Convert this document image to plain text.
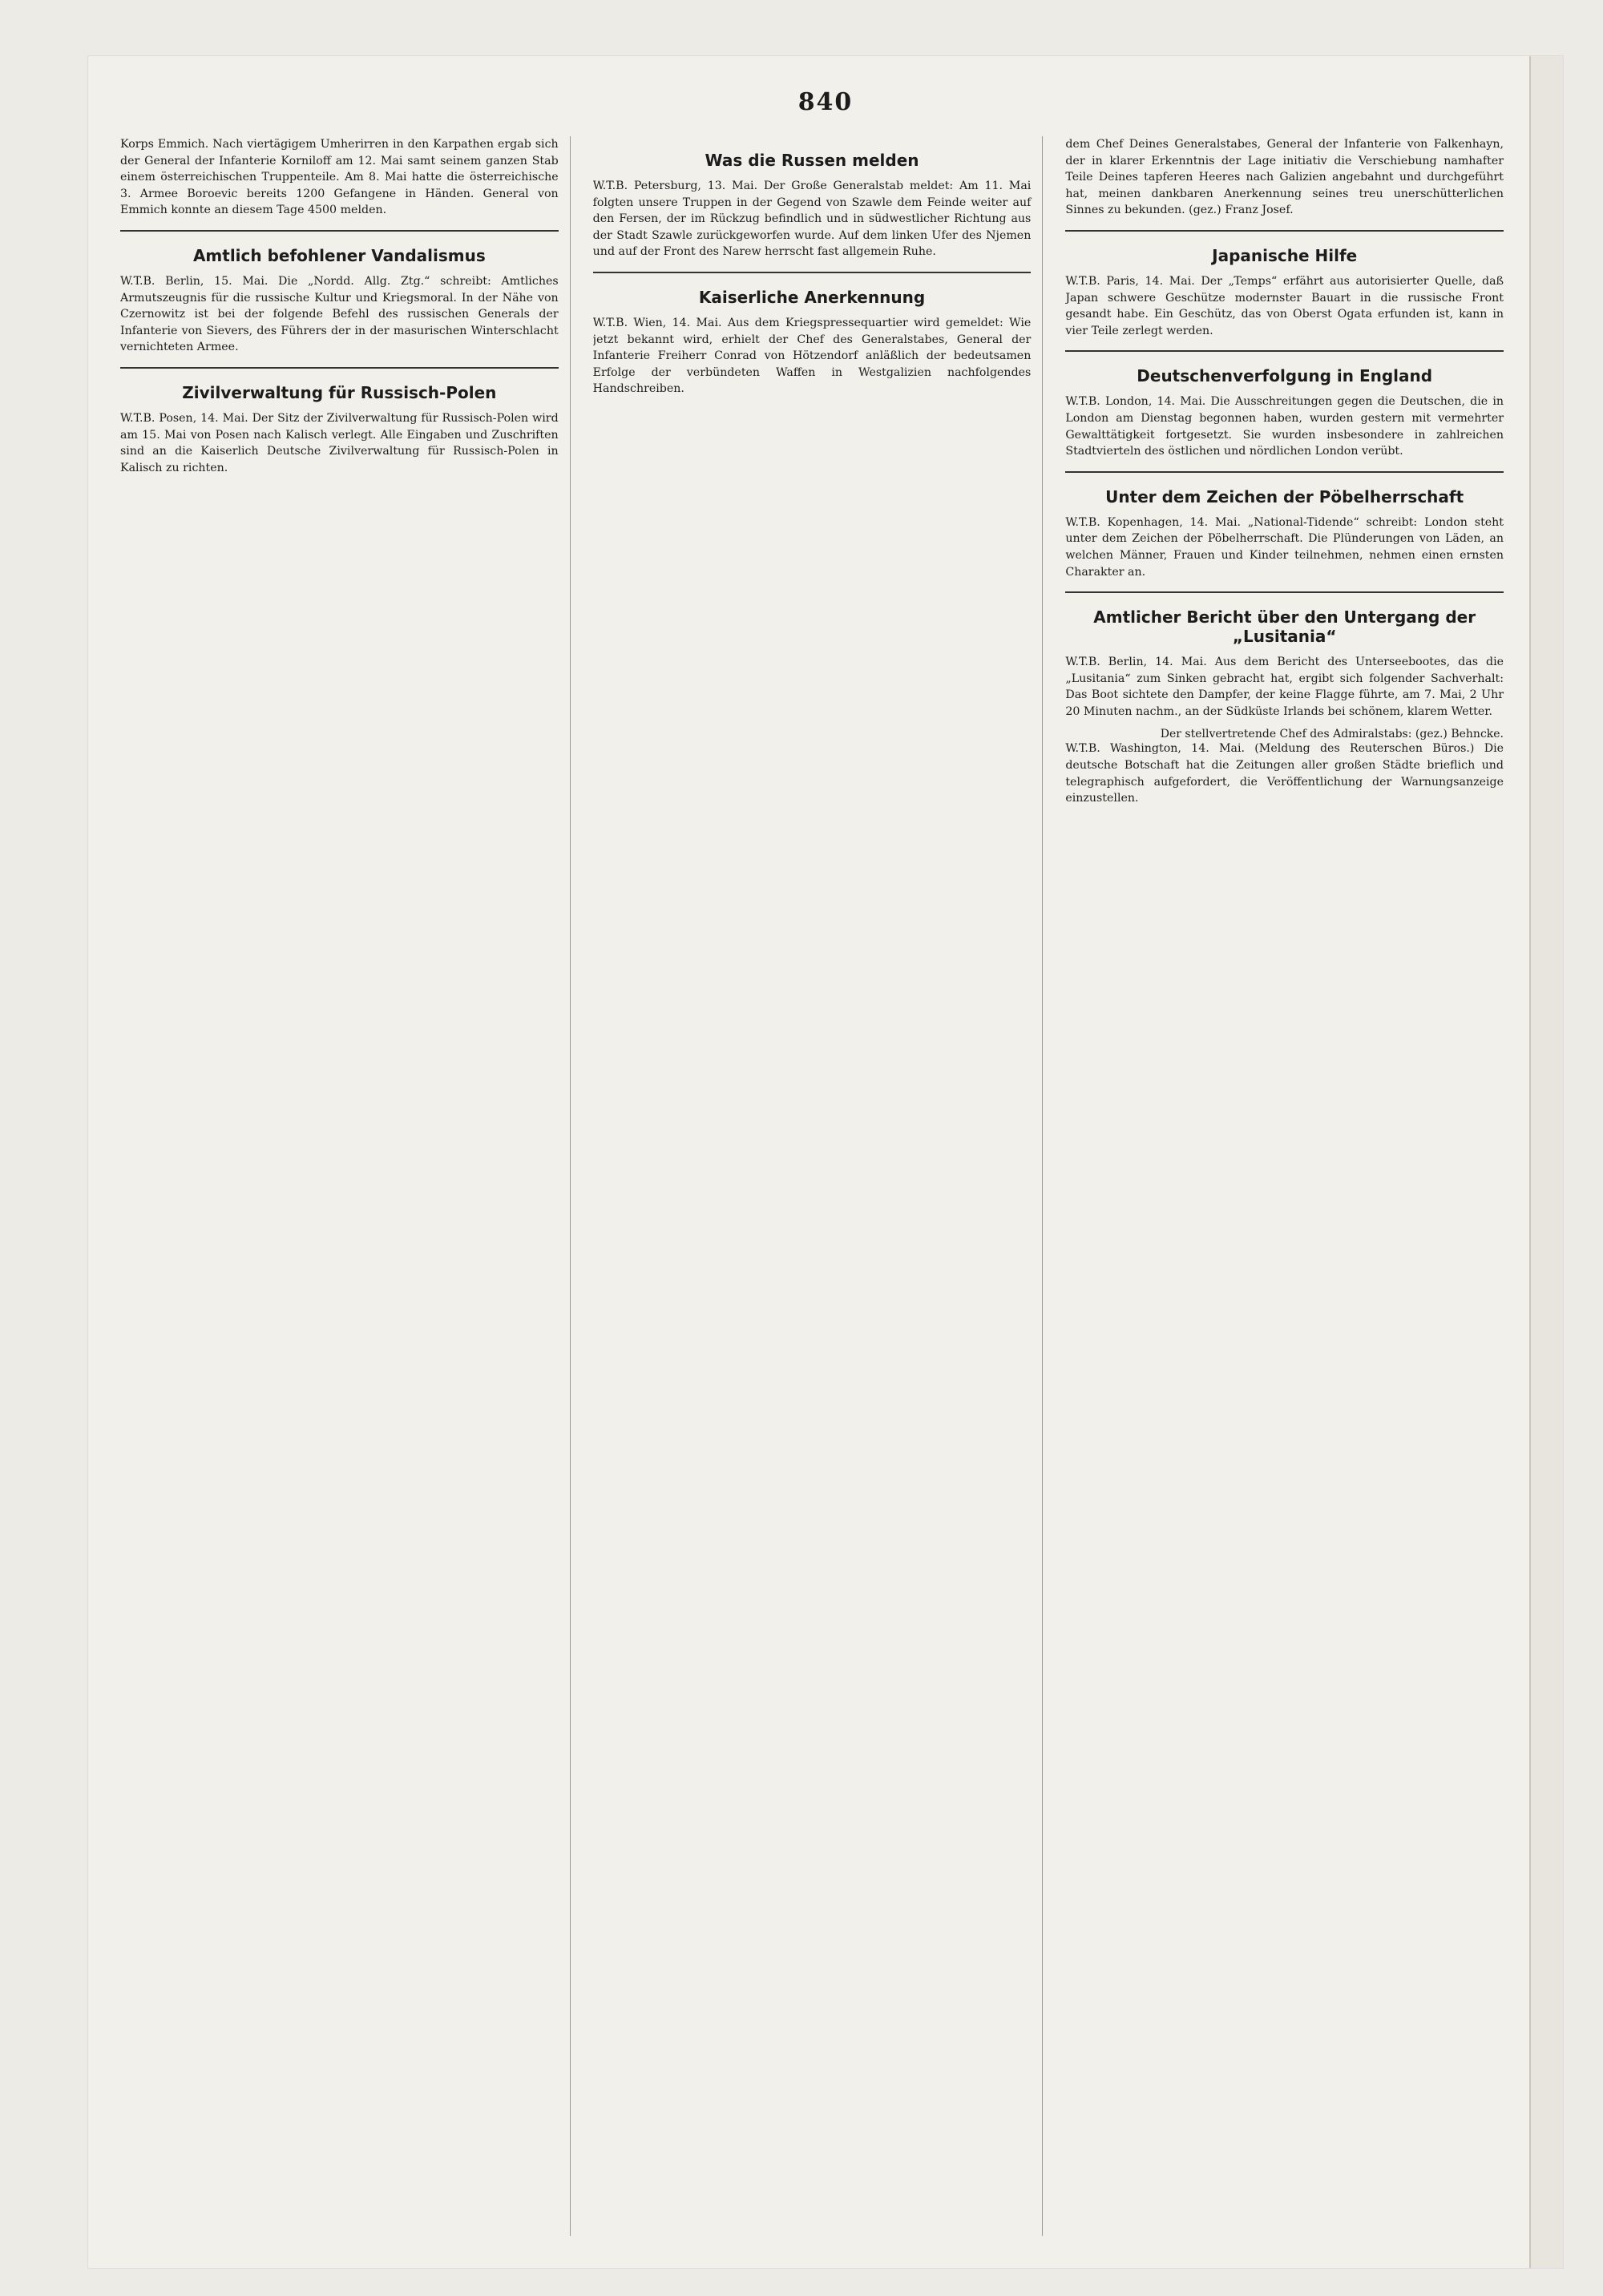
840

Korps Emmich. Nach viertägigem Umherirren in den Karpathen ergab sich der General der Infanterie Korniloff am 12. Mai samt seinem ganzen Stab einem österreichischen Truppenteile. Am 8. Mai hatte die österreichische 3. Armee Boroevic bereits 1200 Gefangene in Händen. General von Emmich konnte an diesem Tage 4500 melden.

Amtlich befohlener Vandalismus

W.T.B. Berlin, 15. Mai. Die „Nordd. Allg. Ztg.“ schreibt: Amtliches Armutszeugnis für die russische Kultur und Kriegsmoral. In der Nähe von Czernowitz ist bei der folgende Befehl des russischen Generals der Infanterie von Sievers, des Führers der in der masurischen Winterschlacht vernichteten Armee.

Zivilverwaltung für Russisch-Polen

W.T.B. Posen, 14. Mai. Der Sitz der Zivilverwaltung für Russisch-Polen wird am 15. Mai von Posen nach Kalisch verlegt. Alle Eingaben und Zuschriften sind an die Kaiserlich Deutsche Zivilverwaltung für Russisch-Polen in Kalisch zu richten.

Was die Russen melden

W.T.B. Petersburg, 13. Mai. Der Große Generalstab meldet: Am 11. Mai folgten unsere Truppen in der Gegend von Szawle dem Feinde weiter auf den Fersen, der im Rückzug befindlich und in südwestlicher Richtung aus der Stadt Szawle zurückgeworfen wurde. Auf dem linken Ufer des Njemen und auf der Front des Narew herrscht fast allgemein Ruhe.

Kaiserliche Anerkennung

W.T.B. Wien, 14. Mai. Aus dem Kriegspressequartier wird gemeldet: Wie jetzt bekannt wird, erhielt der Chef des Generalstabes, General der Infanterie Freiherr Conrad von Hötzendorf anläßlich der bedeutsamen Erfolge der verbündeten Waffen in Westgalizien nachfolgendes Handschreiben.

dem Chef Deines Generalstabes, General der Infanterie von Falkenhayn, der in klarer Erkenntnis der Lage initiativ die Verschiebung namhafter Teile Deines tapferen Heeres nach Galizien angebahnt und durchgeführt hat, meinen dankbaren Anerkennung seines treu unerschütterlichen Sinnes zu bekunden. (gez.) Franz Josef.

Japanische Hilfe

W.T.B. Paris, 14. Mai. Der „Temps“ erfährt aus autorisierter Quelle, daß Japan schwere Geschütze modernster Bauart in die russische Front gesandt habe. Ein Geschütz, das von Oberst Ogata erfunden ist, kann in vier Teile zerlegt werden.

Deutschenverfolgung in England

W.T.B. London, 14. Mai. Die Ausschreitungen gegen die Deutschen, die in London am Dienstag begonnen haben, wurden gestern mit vermehrter Gewalttätigkeit fortgesetzt. Sie wurden insbesondere in zahlreichen Stadtvierteln des östlichen und nördlichen London verübt.

Unter dem Zeichen der Pöbelherrschaft

W.T.B. Kopenhagen, 14. Mai. „National-Tidende“ schreibt: London steht unter dem Zeichen der Pöbelherrschaft. Die Plünderungen von Läden, an welchen Männer, Frauen und Kinder teilnehmen, nehmen einen ernsten Charakter an.

Amtlicher Bericht über den Untergang der „Lusitania“

W.T.B. Berlin, 14. Mai. Aus dem Bericht des Unterseebootes, das die „Lusitania“ zum Sinken gebracht hat, ergibt sich folgender Sachverhalt: Das Boot sichtete den Dampfer, der keine Flagge führte, am 7. Mai, 2 Uhr 20 Minuten nachm., an der Südküste Irlands bei schönem, klarem Wetter.

Der stellvertretende Chef des Admiralstabs: (gez.) Behncke.

W.T.B. Washington, 14. Mai. (Meldung des Reuterschen Büros.) Die deutsche Botschaft hat die Zeitungen aller großen Städte brieflich und telegraphisch aufgefordert, die Veröffentlichung der Warnungsanzeige einzustellen.
